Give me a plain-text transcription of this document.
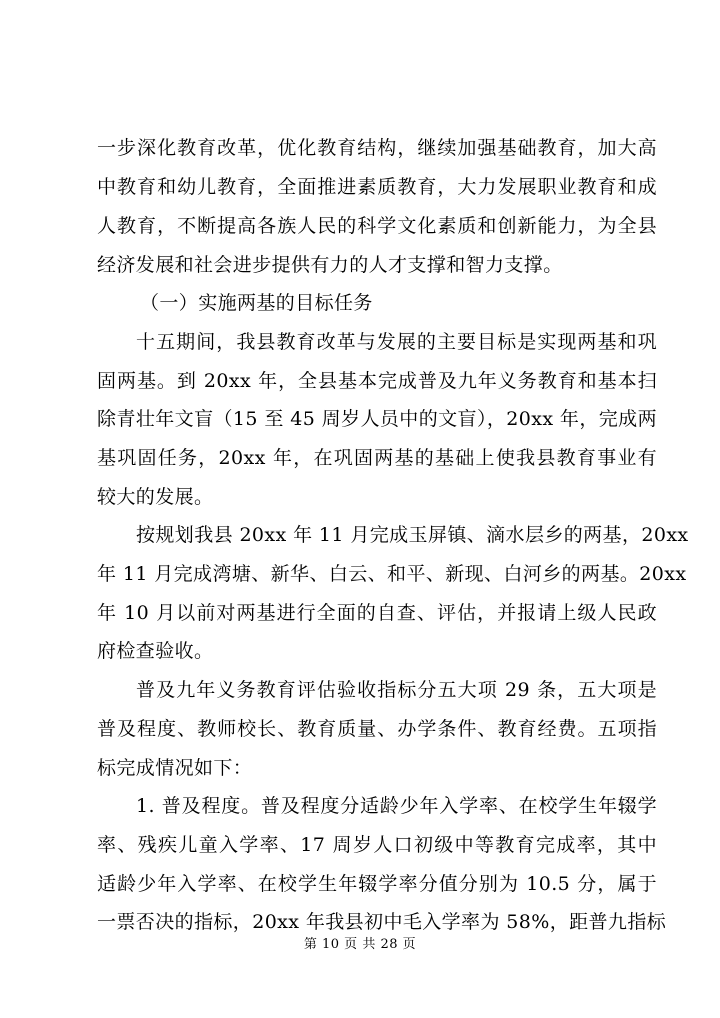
一步深化教育改革，优化教育结构，继续加强基础教育，加大高
中教育和幼儿教育，全面推进素质教育，大力发展职业教育和成
人教育，不断提高各族人民的科学文化素质和创新能力，为全县
经济发展和社会进步提供有力的人才支撑和智力支撑。
（一）实施两基的目标任务
十五期间，我县教育改革与发展的主要目标是实现两基和巩
固两基。到 20xx 年，全县基本完成普及九年义务教育和基本扫
除青壮年文盲（15 至 45 周岁人员中的文盲），20xx 年，完成两
基巩固任务，20xx 年，在巩固两基的基础上使我县教育事业有
较大的发展。
按规划我县 20xx 年 11 月完成玉屏镇、滴水层乡的两基，20xx
年 11 月完成湾塘、新华、白云、和平、新现、白河乡的两基。20xx
年 10 月以前对两基进行全面的自查、评估，并报请上级人民政
府检查验收。
普及九年义务教育评估验收指标分五大项 29 条，五大项是
普及程度、教师校长、教育质量、办学条件、教育经费。五项指
标完成情况如下：
1. 普及程度。普及程度分适龄少年入学率、在校学生年辍学
率、残疾儿童入学率、17 周岁人口初级中等教育完成率，其中
适龄少年入学率、在校学生年辍学率分值分别为 10.5 分，属于
一票否决的指标，20xx 年我县初中毛入学率为 58%，距普九指标
第 10 页 共 28 页
